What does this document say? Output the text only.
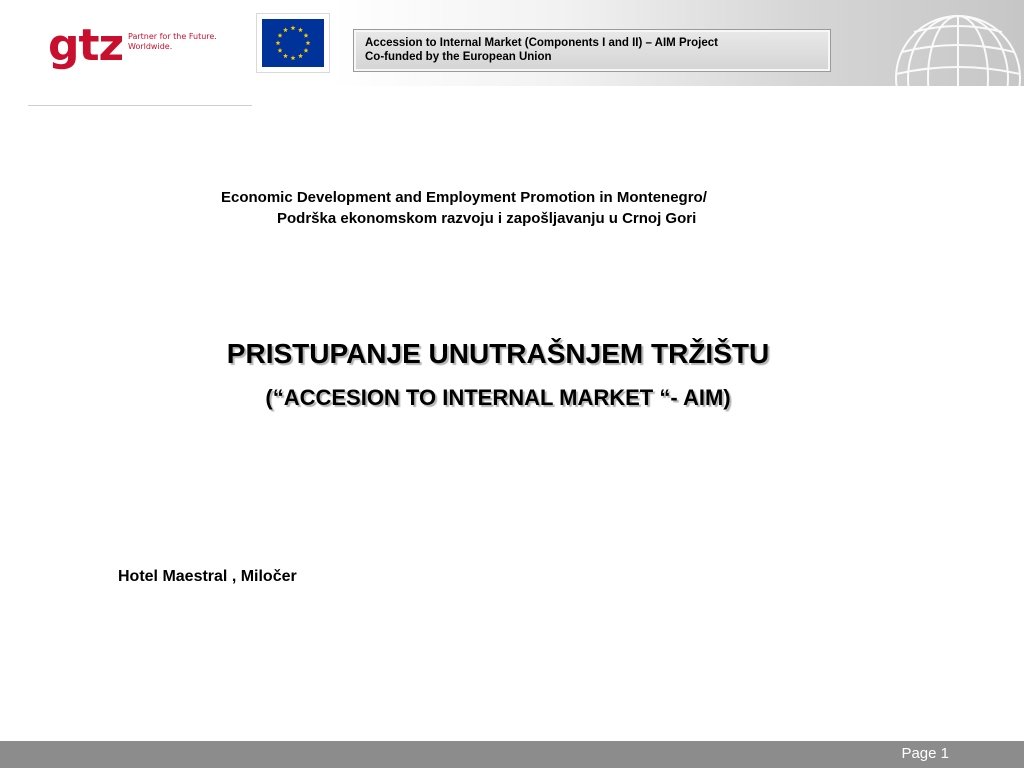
gtz Partner for the Future.
Worldwide.	Accession to Internal Market (Components I and II) – AIM Project
Co-funded by the European Union
Economic Development and Employment Promotion in Montenegro/
Podrška ekonomskom razvoju i zapošljavanju u Crnoj Gori
PRISTUPANJE UNUTRAŠNJEM TRŽIŠTU
(“ACCESION TO INTERNAL MARKET “- AIM)
Hotel Maestral , Miločer
Page 1
